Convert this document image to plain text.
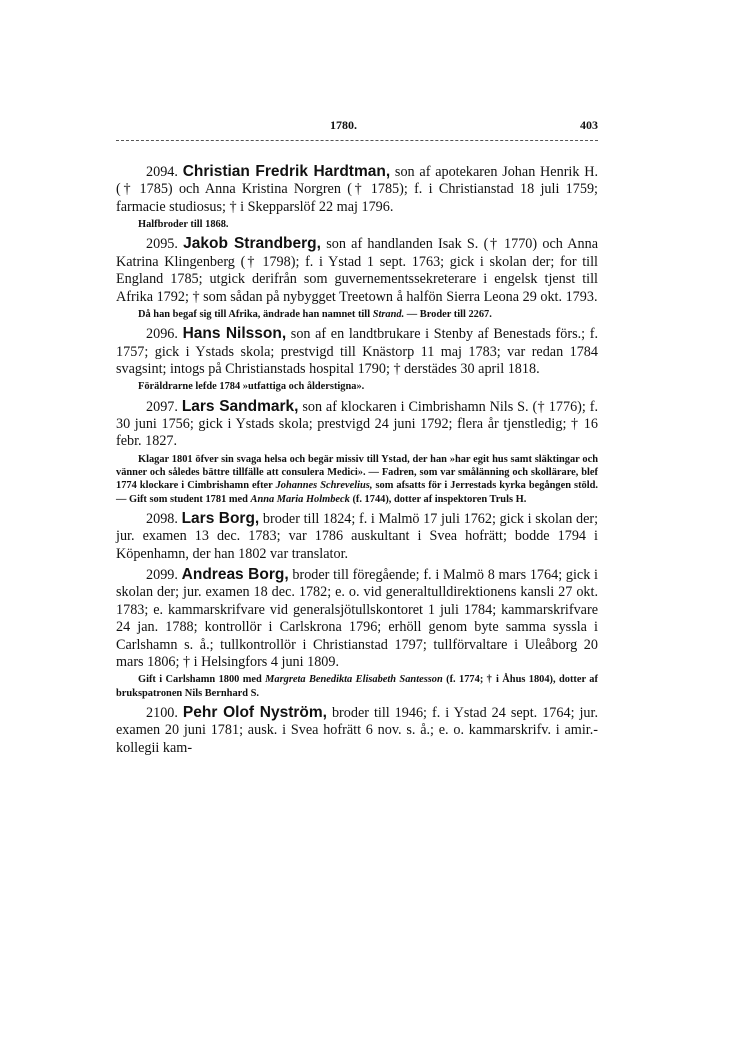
1780.	403

2094. Christian Fredrik Hardtman, son af apotekaren Johan Henrik H. († 1785) och Anna Kristina Norgren († 1785); f. i Christianstad 18 juli 1759; farmacie studiosus; † i Skepparslöf 22 maj 1796.

Halfbroder till 1868.

2095. Jakob Strandberg, son af handlanden Isak S. († 1770) och Anna Katrina Klingenberg († 1798); f. i Ystad 1 sept. 1763; gick i skolan der; for till England 1785; utgick derifrån som guvernementssekreterare i engelsk tjenst till Afrika 1792; † som sådan på nybygget Treetown å halfön Sierra Leona 29 okt. 1793.

Då han begaf sig till Afrika, ändrade han namnet till Strand. — Broder till 2267.

2096. Hans Nilsson, son af en landtbrukare i Stenby af Benestads förs.; f. 1757; gick i Ystads skola; prestvigd till Knästorp 11 maj 1783; var redan 1784 svagsint; intogs på Christianstads hospital 1790; † derstädes 30 april 1818.

Föräldrarne lefde 1784 »utfattiga och ålderstigna».

2097. Lars Sandmark, son af klockaren i Cimbrishamn Nils S. († 1776); f. 30 juni 1756; gick i Ystads skola; prestvigd 24 juni 1792; flera år tjenstledig; † 16 febr. 1827.

Klagar 1801 öfver sin svaga helsa och begär missiv till Ystad, der han »har egit hus samt släktingar och vänner och således bättre tillfälle att consulera Medici». — Fadren, som var smålänning och skollärare, blef 1774 klockare i Cimbrishamn efter Johannes Schrevelius, som afsatts för i Jerrestads kyrka begången stöld. — Gift som student 1781 med Anna Maria Holmbeck (f. 1744), dotter af inspektoren Truls H.

2098. Lars Borg, broder till 1824; f. i Malmö 17 juli 1762; gick i skolan der; jur. examen 13 dec. 1783; var 1786 auskultant i Svea hofrätt; bodde 1794 i Köpenhamn, der han 1802 var translator.

2099. Andreas Borg, broder till föregående; f. i Malmö 8 mars 1764; gick i skolan der; jur. examen 18 dec. 1782; e. o. vid generaltulldirektionens kansli 27 okt. 1783; e. kammarskrifvare vid generalsjötullskontoret 1 juli 1784; kammarskrifvare 24 jan. 1788; kontrollör i Carlskrona 1796; erhöll genom byte samma syssla i Carlshamn s. å.; tullkontrollör i Christianstad 1797; tullförvaltare i Uleåborg 20 mars 1806; † i Helsingfors 4 juni 1809.

Gift i Carlshamn 1800 med Margreta Benedikta Elisabeth Santesson (f. 1774; † i Åhus 1804), dotter af brukspatronen Nils Bernhard S.

2100. Pehr Olof Nyström, broder till 1946; f. i Ystad 24 sept. 1764; jur. examen 20 juni 1781; ausk. i Svea hofrätt 6 nov. s. å.; e. o. kammarskrifv. i amir.-kollegii kam-
